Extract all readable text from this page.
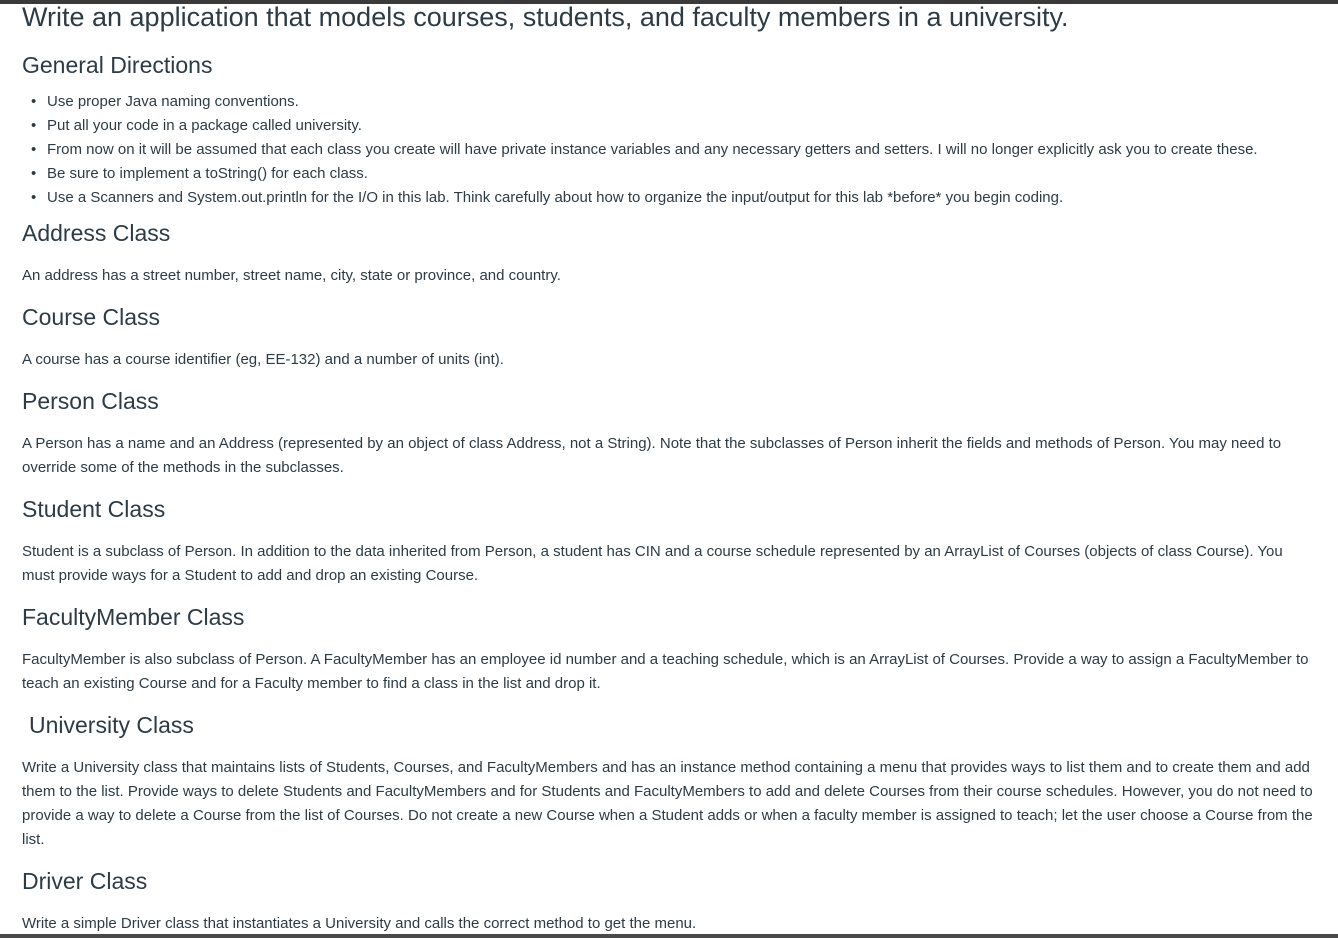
Write an application that models courses, students, and faculty members in a university.
General Directions
• Use proper Java naming conventions.
• Put all your code in a package called university.
• From now on it will be assumed that each class you create will have private instance variables and any necessary getters and setters. I will no longer explicitly ask you to create these.
• Be sure to implement a toString() for each class.
• Use a Scanners and System.out.println for the I/O in this lab. Think carefully about how to organize the input/output for this lab *before* you begin coding.
Address Class

An address has a street number, street name, city, state or province, and country.

Course Class

A course has a course identifier (eg, EE-132) and a number of units (int).

Person Class

A Person has a name and an Address (represented by an object of class Address, not a String). Note that the subclasses of Person inherit the fields and methods of Person. You may need to override some of the methods in the subclasses.

Student Class

Student is a subclass of Person. In addition to the data inherited from Person, a student has CIN and a course schedule represented by an ArrayList of Courses (objects of class Course). You must provide ways for a Student to add and drop an existing Course.

FacultyMember Class

FacultyMember is also subclass of Person. A FacultyMember has an employee id number and a teaching schedule, which is an ArrayList of Courses. Provide a way to assign a FacultyMember to teach an existing Course and for a Faculty member to find a class in the list and drop it.

University Class

Write a University class that maintains lists of Students, Courses, and FacultyMembers and has an instance method containing a menu that provides ways to list them and to create them and add them to the list. Provide ways to delete Students and FacultyMembers and for Students and FacultyMembers to add and delete Courses from their course schedules. However, you do not need to provide a way to delete a Course from the list of Courses. Do not create a new Course when a Student adds or when a faculty member is assigned to teach; let the user choose a Course from the list.

Driver Class

Write a simple Driver class that instantiates a University and calls the correct method to get the menu.
